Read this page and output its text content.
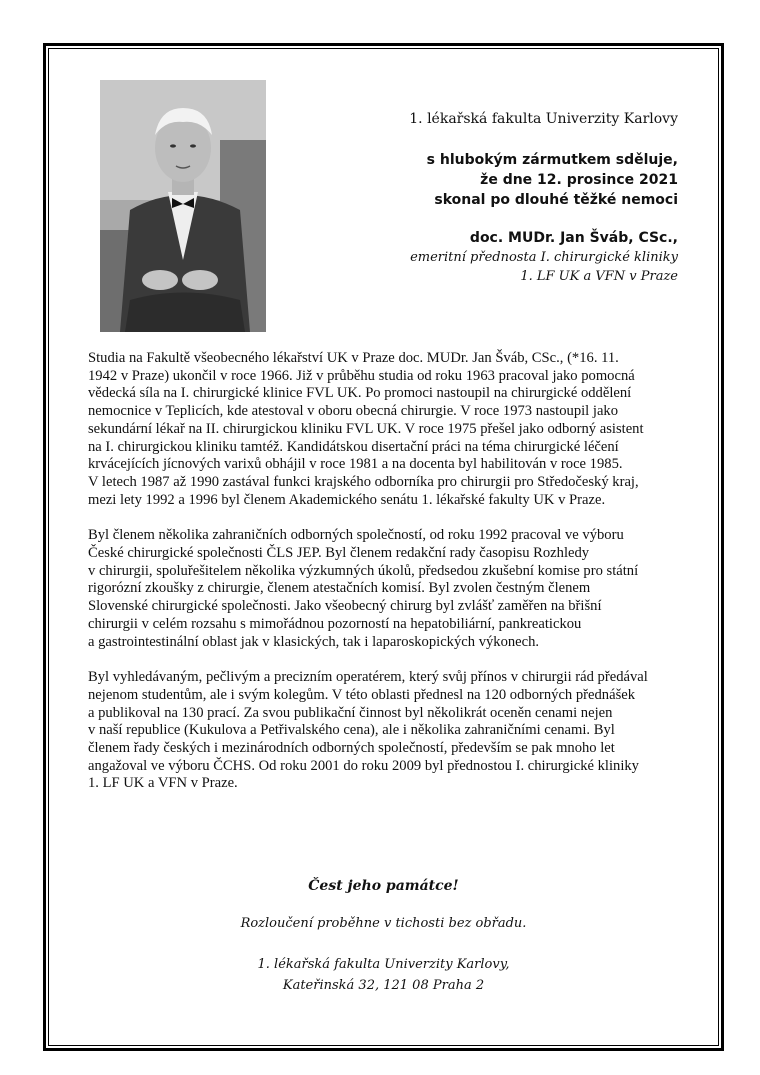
1. lékařská fakulta Univerzity Karlovy
s hlubokým zármutkem sděluje,
že dne 12. prosince 2021
skonal po dlouhé těžké nemoci
doc. MUDr. Jan Šváb, CSc.,
emeritní přednosta I. chirurgické kliniky
1. LF UK a VFN v Praze

Studia na Fakultě všeobecného lékařství UK v Praze doc. MUDr. Jan Šváb, CSc., (*16. 11.
1942 v Praze) ukončil v roce 1966. Již v průběhu studia od roku 1963 pracoval jako pomocná
vědecká síla na I. chirurgické klinice FVL UK. Po promoci nastoupil na chirurgické oddělení
nemocnice v Teplicích, kde atestoval v oboru obecná chirurgie. V roce 1973 nastoupil jako
sekundární lékař na II. chirurgickou kliniku FVL UK. V roce 1975 přešel jako odborný asistent
na I. chirurgickou kliniku tamtéž. Kandidátskou disertační práci na téma chirurgické léčení
krvácejících jícnových varixů obhájil v roce 1981 a na docenta byl habilitován v roce 1985.
V letech 1987 až 1990 zastával funkci krajského odborníka pro chirurgii pro Středočeský kraj,
mezi lety 1992 a 1996 byl členem Akademického senátu 1. lékařské fakulty UK v Praze.

Byl členem několika zahraničních odborných společností, od roku 1992 pracoval ve výboru
České chirurgické společnosti ČLS JEP. Byl členem redakční rady časopisu Rozhledy
v chirurgii, spoluřešitelem několika výzkumných úkolů, předsedou zkušební komise pro státní
rigorózní zkoušky z chirurgie, členem atestačních komisí. Byl zvolen čestným členem
Slovenské chirurgické společnosti. Jako všeobecný chirurg byl zvlášť zaměřen na břišní
chirurgii v celém rozsahu s mimořádnou pozorností na hepatobiliární, pankreatickou
a gastrointestinální oblast jak v klasických, tak i laparoskopických výkonech.

Byl vyhledávaným, pečlivým a precizním operatérem, který svůj přínos v chirurgii rád předával
nejenom studentům, ale i svým kolegům. V této oblasti přednesl na 120 odborných přednášek
a publikoval na 130 prací. Za svou publikační činnost byl několikrát oceněn cenami nejen
v naší republice (Kukulova a Petřivalského cena), ale i několika zahraničními cenami. Byl
členem řady českých i mezinárodních odborných společností, především se pak mnoho let
angažoval ve výboru ČCHS. Od roku 2001 do roku 2009 byl přednostou I. chirurgické kliniky
1. LF UK a VFN v Praze.

Čest jeho památce!
Rozloučení proběhne v tichosti bez obřadu.
1. lékařská fakulta Univerzity Karlovy,
Kateřinská 32, 121 08 Praha 2
